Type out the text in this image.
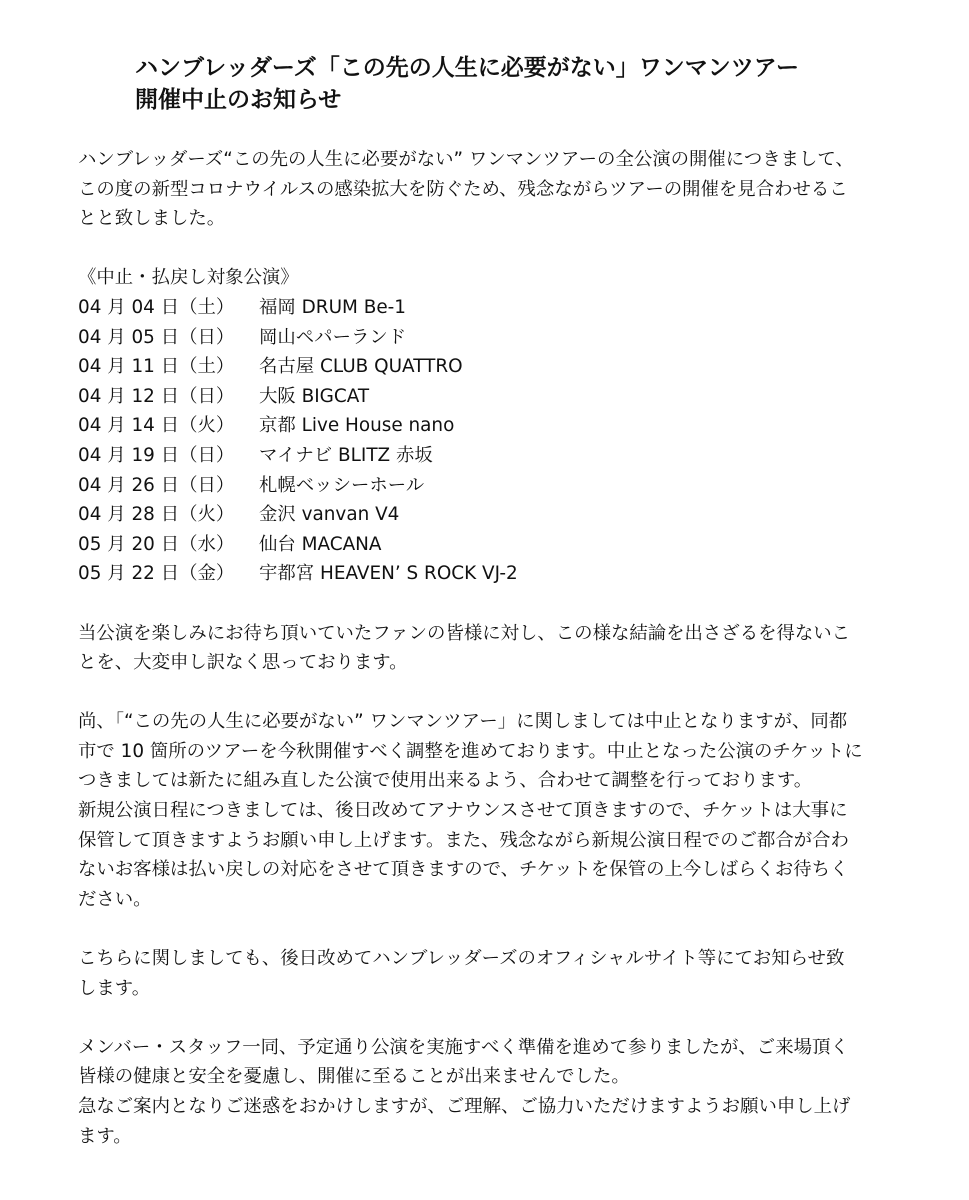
ハンブレッダーズ「この先の人生に必要がない」ワンマンツアー
開催中止のお知らせ

ハンブレッダーズ“この先の人生に必要がない” ワンマンツアーの全公演の開催につきまして、
この度の新型コロナウイルスの感染拡大を防ぐため、残念ながらツアーの開催を見合わせるこ
とと致しました。

《中止・払戻し対象公演》
04 月 04 日（土）	福岡 DRUM Be-1
04 月 05 日（日）	岡山ペパーランド
04 月 11 日（土）	名古屋 CLUB QUATTRO
04 月 12 日（日）	大阪 BIGCAT
04 月 14 日（火）	京都 Live House nano
04 月 19 日（日）	マイナビ BLITZ 赤坂
04 月 26 日（日）	札幌ベッシーホール
04 月 28 日（火）	金沢 vanvan V4
05 月 20 日（水）	仙台 MACANA
05 月 22 日（金）	宇都宮 HEAVEN’ S ROCK VJ-2

当公演を楽しみにお待ち頂いていたファンの皆様に対し、この様な結論を出さざるを得ないこ
とを、大変申し訳なく思っております。

尚、「“この先の人生に必要がない” ワンマンツアー」に関しましては中止となりますが、同都
市で 10 箇所のツアーを今秋開催すべく調整を進めております。中止となった公演のチケットに
つきましては新たに組み直した公演で使用出来るよう、合わせて調整を行っております。
新規公演日程につきましては、後日改めてアナウンスさせて頂きますので、チケットは大事に
保管して頂きますようお願い申し上げます。また、残念ながら新規公演日程でのご都合が合わ
ないお客様は払い戻しの対応をさせて頂きますので、チケットを保管の上今しばらくお待ちく
ださい。

こちらに関しましても、後日改めてハンブレッダーズのオフィシャルサイト等にてお知らせ致
します。

メンバー・スタッフ一同、予定通り公演を実施すべく準備を進めて参りましたが、ご来場頂く
皆様の健康と安全を憂慮し、開催に至ることが出来ませんでした。
急なご案内となりご迷惑をおかけしますが、ご理解、ご協力いただけますようお願い申し上げ
ます。
